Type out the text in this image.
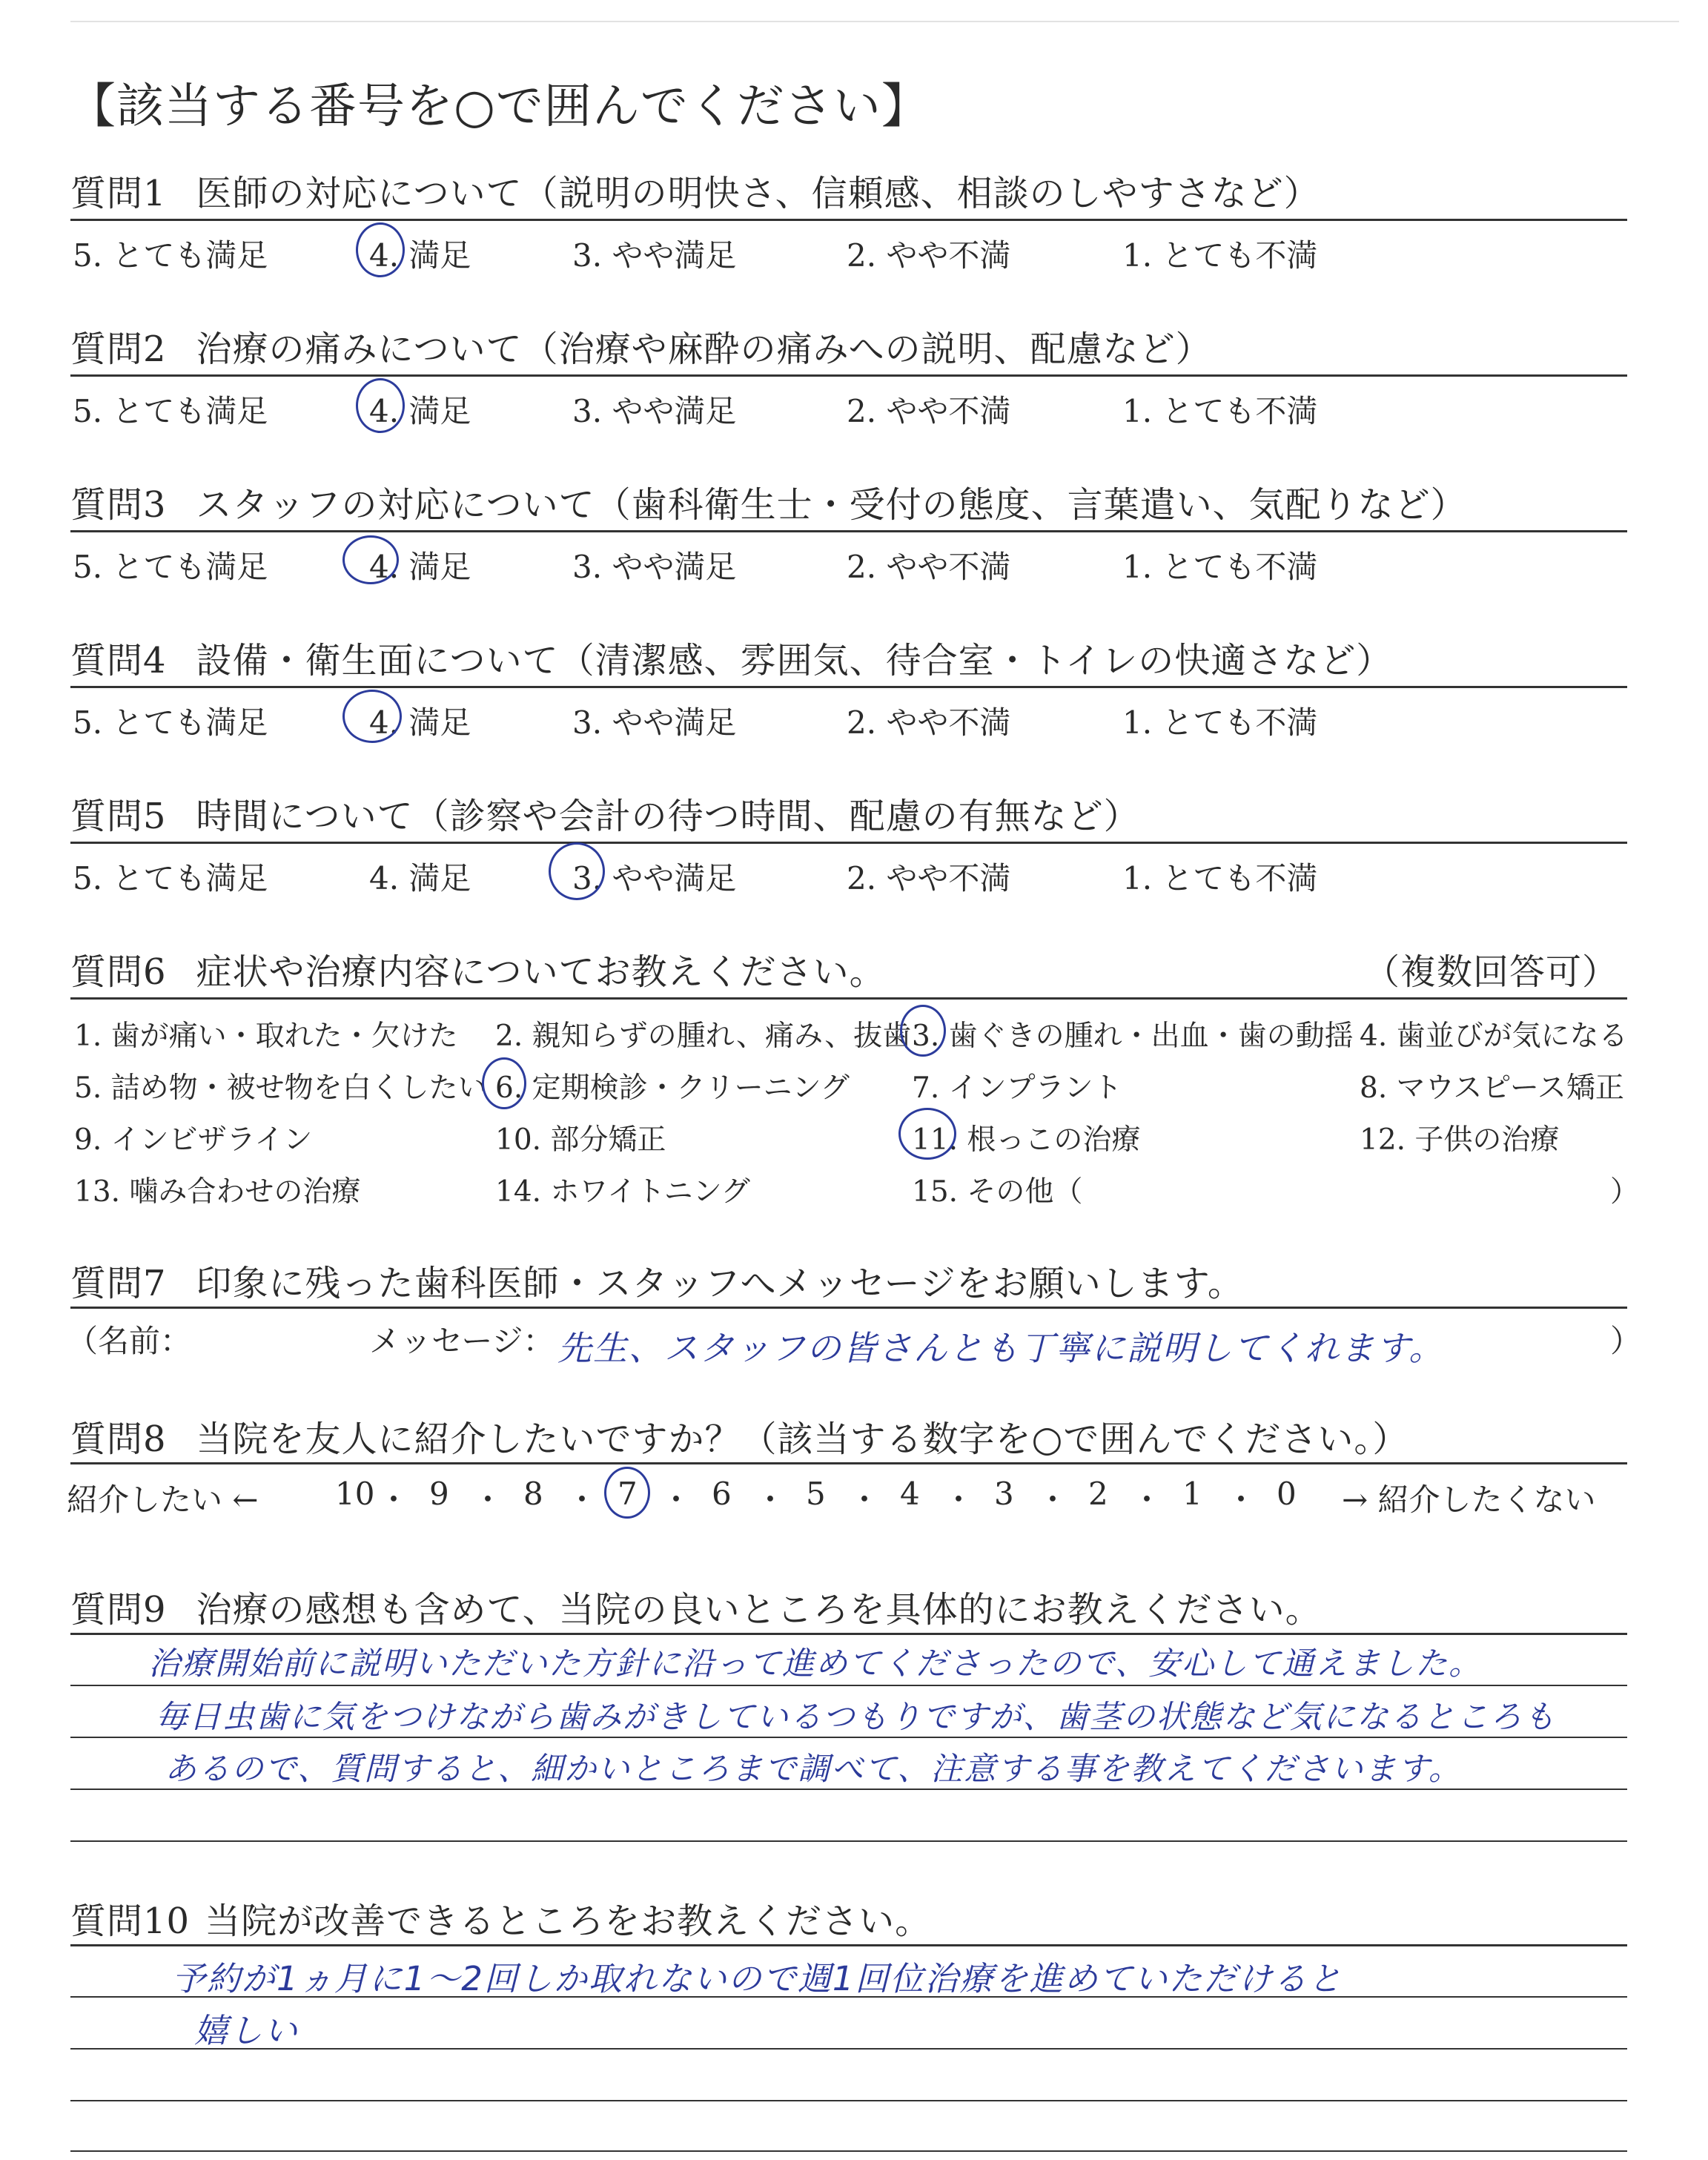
【該当する番号を○で囲んでください】
質問1 医師の対応について（説明の明快さ、信頼感、相談のしやすさなど）
5. とても満足	4. 満足	3. やや満足	2. やや不満	1. とても不満
質問2 治療の痛みについて（治療や麻酔の痛みへの説明、配慮など）
5. とても満足	4. 満足	3. やや満足	2. やや不満	1. とても不満
質問3 スタッフの対応について（歯科衛生士・受付の態度、言葉遣い、気配りなど）
5. とても満足	4. 満足	3. やや満足	2. やや不満	1. とても不満
質問4 設備・衛生面について（清潔感、雰囲気、待合室・トイレの快適さなど）
5. とても満足	4. 満足	3. やや満足	2. やや不満	1. とても不満
質問5 時間について（診察や会計の待つ時間、配慮の有無など）
5. とても満足	4. 満足	3. やや満足	2. やや不満	1. とても不満
質問6 症状や治療内容についてお教えください。	（複数回答可）
1. 歯が痛い・取れた・欠けた 2. 親知らずの腫れ、痛み、抜歯 3. 歯ぐきの腫れ・出血・歯の動揺 4. 歯並びが気になる
5. 詰め物・被せ物を白くしたい 6. 定期検診・クリーニング 7. インプラント	8. マウスピース矯正
9. インビザライン	10. 部分矯正	11. 根っこの治療	12. 子供の治療
13. 噛み合わせの治療	14. ホワイトニング	15. その他（	）
質問7 印象に残った歯科医師・スタッフへメッセージをお願いします。
（名前：	メッセージ：	）
先生、スタッフの皆さんとも丁寧に説明してくれます。
質問8 当院を友人に紹介したいですか？（該当する数字を○で囲んでください。）
紹介したい ←	→ 紹介したくない
10 ・ 9 ・ 8 ・ 7 ・ 6 ・ 5 ・ 4 ・ 3 ・ 2 ・ 1 ・ 0
質問9 治療の感想も含めて、当院の良いところを具体的にお教えください。
治療開始前に説明いただいた方針に沿って進めてくださったので、安心して通えました。
毎日虫歯に気をつけながら歯みがきしているつもりですが、歯茎の状態など気になるところも
あるので、質問すると、細かいところまで調べて、注意する事を教えてくださいます。
質問10 当院が改善できるところをお教えください。
予約が1ヵ月に1～2回しか取れないので週1回位治療を進めていただけると
嬉しい
